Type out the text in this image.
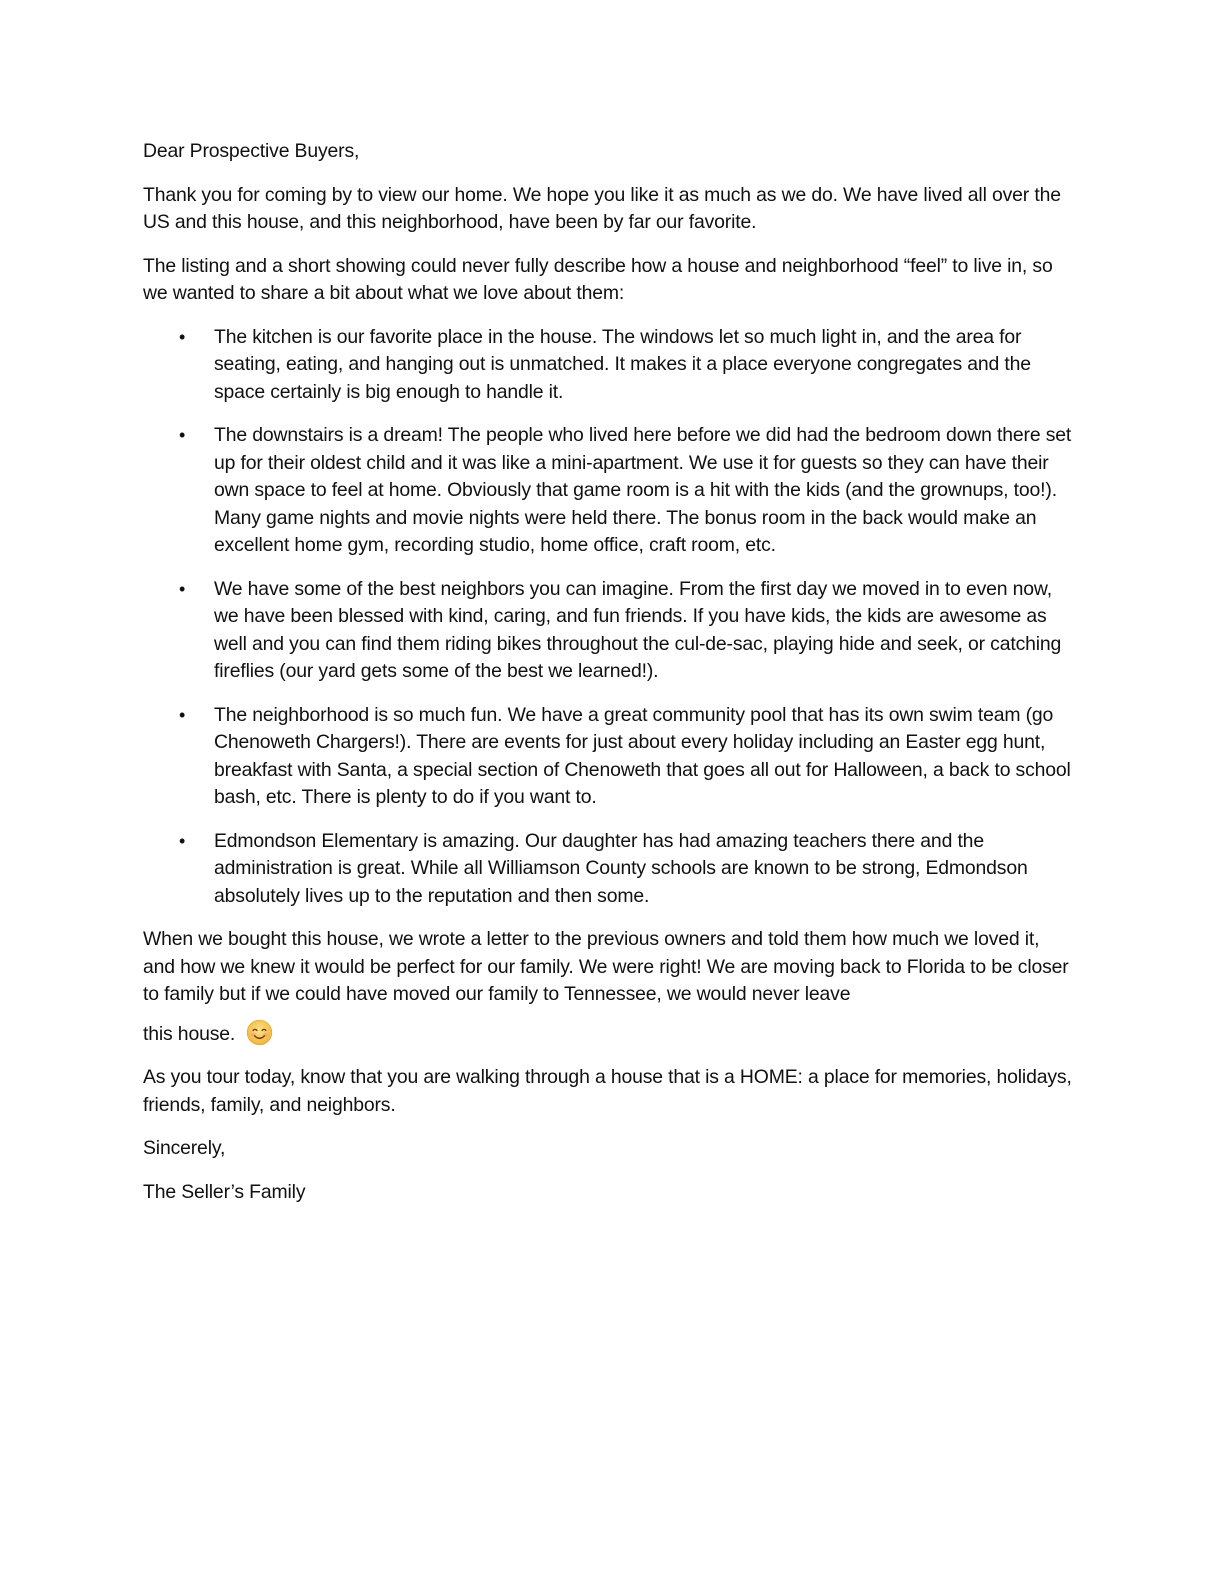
Dear Prospective Buyers,

Thank you for coming by to view our home. We hope you like it as much as we do. We have lived all over the US and this house, and this neighborhood, have been by far our favorite.

The listing and a short showing could never fully describe how a house and neighborhood “feel” to live in, so we wanted to share a bit about what we love about them:

• The kitchen is our favorite place in the house. The windows let so much light in, and the area for seating, eating, and hanging out is unmatched. It makes it a place everyone congregates and the space certainly is big enough to handle it.
• The downstairs is a dream! The people who lived here before we did had the bedroom down there set up for their oldest child and it was like a mini-apartment. We use it for guests so they can have their own space to feel at home. Obviously that game room is a hit with the kids (and the grownups, too!). Many game nights and movie nights were held there. The bonus room in the back would make an excellent home gym, recording studio, home office, craft room, etc.
• We have some of the best neighbors you can imagine. From the first day we moved in to even now, we have been blessed with kind, caring, and fun friends. If you have kids, the kids are awesome as well and you can find them riding bikes throughout the cul-de-sac, playing hide and seek, or catching fireflies (our yard gets some of the best we learned!).
• The neighborhood is so much fun. We have a great community pool that has its own swim team (go Chenoweth Chargers!). There are events for just about every holiday including an Easter egg hunt, breakfast with Santa, a special section of Chenoweth that goes all out for Halloween, a back to school bash, etc. There is plenty to do if you want to.
• Edmondson Elementary is amazing. Our daughter has had amazing teachers there and the administration is great. While all Williamson County schools are known to be strong, Edmondson absolutely lives up to the reputation and then some.

When we bought this house, we wrote a letter to the previous owners and told them how much we loved it, and how we knew it would be perfect for our family. We were right! We are moving back to Florida to be closer to family but if we could have moved our family to Tennessee, we would never leave
this house.

As you tour today, know that you are walking through a house that is a HOME: a place for memories, holidays, friends, family, and neighbors.

Sincerely,

The Seller’s Family
